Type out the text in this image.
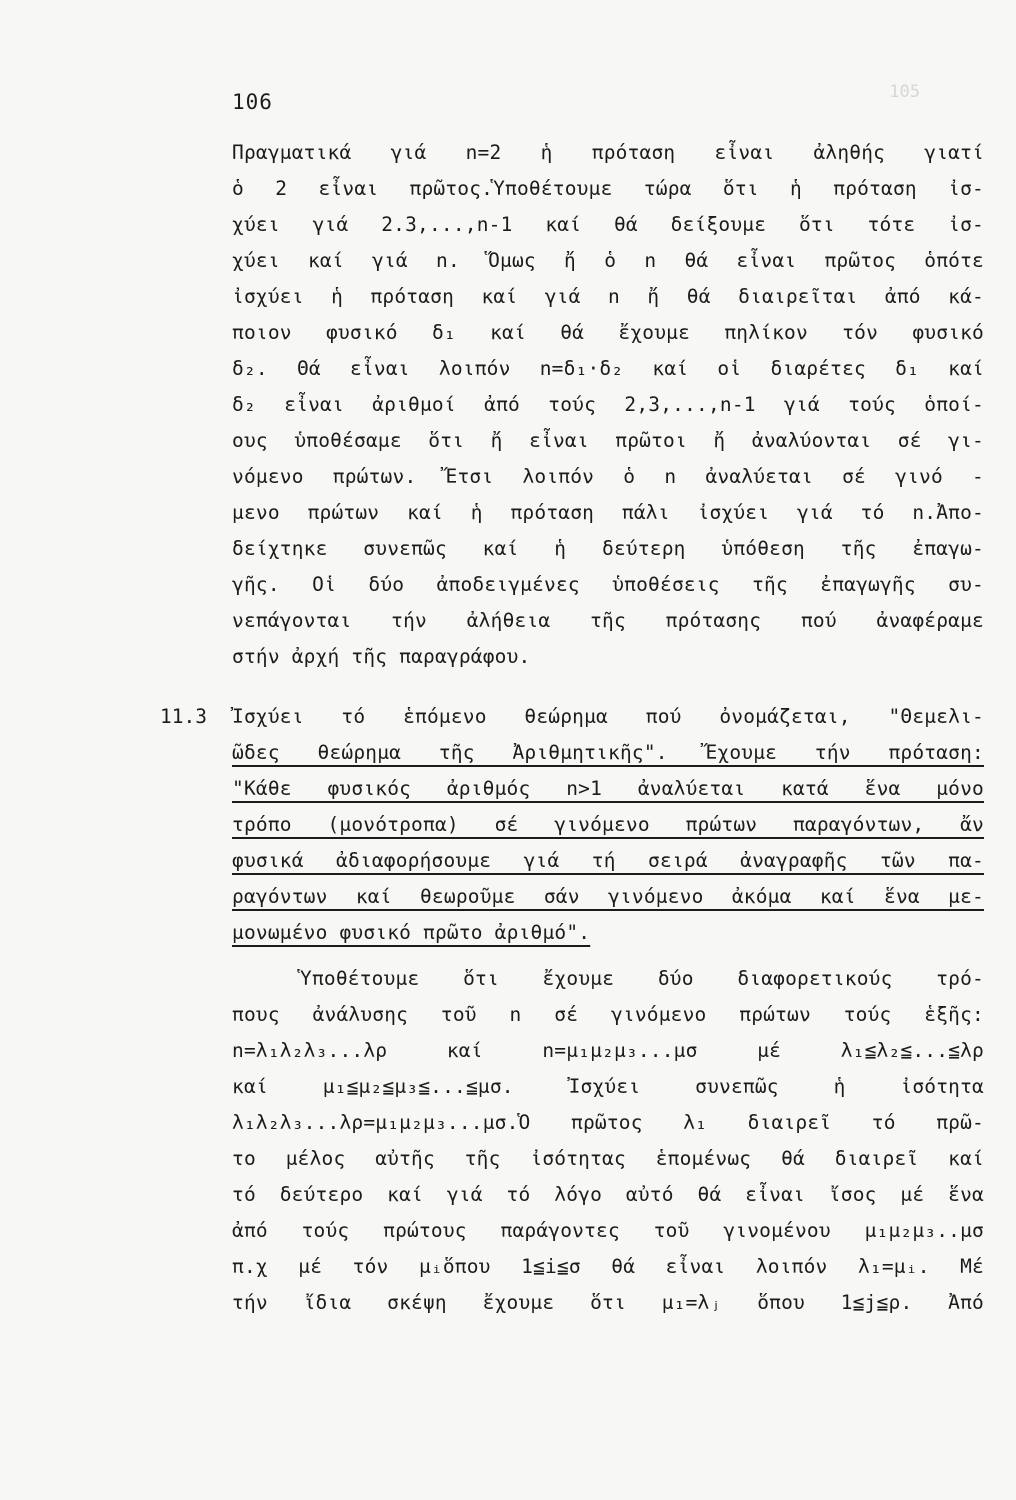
105
106
Πραγματικά γιά n=2 ἡ πρόταση εἶναι ἀληθής γιατί
ὁ 2 εἶναι πρῶτος.Ὑποθέτουμε τώρα ὅτι ἡ πρόταση ἰσ-
χύει γιά 2.3,...,n-1 καί θά δείξουμε ὅτι τότε ἰσ-
χύει καί γιά n. Ὅμως ἤ ὁ n θά εἶναι πρῶτος ὁπότε
ἰσχύει ἡ πρόταση καί γιά n ἤ θά διαιρεῖται ἀπό κά-
ποιον φυσικό δ₁ καί θά ἔχουμε πηλίκον τόν φυσικό
δ₂. Θά εἶναι λοιπόν n=δ₁·δ₂ καί οἱ διαρέτες δ₁ καί
δ₂ εἶναι ἀριθμοί ἀπό τούς 2,3,...,n-1 γιά τούς ὁποί-
ους ὑποθέσαμε ὅτι ἤ εἶναι πρῶτοι ἤ ἀναλύονται σέ γι-
νόμενο πρώτων. Ἔτσι λοιπόν ὁ n ἀναλύεται σέ γινό -
μενο πρώτων καί ἡ πρόταση πάλι ἰσχύει γιά τό n.Ἀπο-
δείχτηκε συνεπῶς καί ἡ δεύτερη ὑπόθεση τῆς ἐπαγω-
γῆς. Οἱ δύο ἀποδειγμένες ὑποθέσεις τῆς ἐπαγωγῆς συ-
νεπάγονται τήν ἀλήθεια τῆς πρότασης πού ἀναφέραμε
στήν ἀρχή τῆς παραγράφου.
11.3 Ἰσχύει τό ἑπόμενο θεώρημα πού ὀνομάζεται, "Θεμελι-
ῶδες θεώρημα τῆς Ἀριθμητικῆς". Ἔχουμε τήν πρόταση:
"Κάθε φυσικός ἀριθμός n>1 ἀναλύεται κατά ἕνα μόνο
τρόπο (μονότροπα) σέ γινόμενο πρώτων παραγόντων, ἄν
φυσικά ἀδιαφορήσουμε γιά τή σειρά ἀναγραφῆς τῶν πα-
ραγόντων καί θεωροῦμε σάν γινόμενο ἀκόμα καί ἕνα με-
μονωμένο φυσικό πρῶτο ἀριθμό".
Ὑποθέτουμε ὅτι ἔχουμε δύο διαφορετικούς τρό-
πους ἀνάλυσης τοῦ n σέ γινόμενο πρώτων τούς ἑξῆς:
n=λ₁λ₂λ₃...λρ καί n=μ₁μ₂μ₃...μσ μέ λ₁≦λ₂≦...≦λρ
καί μ₁≦μ₂≦μ₃≦...≦μσ. Ἰσχύει συνεπῶς ἡ ἰσότητα
λ₁λ₂λ₃...λρ=μ₁μ₂μ₃...μσ.Ὁ πρῶτος λ₁ διαιρεῖ τό πρῶ-
το μέλος αὐτῆς τῆς ἰσότητας ἑπομένως θά διαιρεῖ καί
τό δεύτερο καί γιά τό λόγο αὐτό θά εἶναι ἴσος μέ ἕνα
ἀπό τούς πρώτους παράγοντες τοῦ γινομένου μ₁μ₂μ₃..μσ
π.χ μέ τόν μᵢὅπου 1≦i≦σ θά εἶναι λοιπόν λ₁=μᵢ. Μέ
τήν ἴδια σκέψη ἔχουμε ὅτι μ₁=λⱼ ὅπου 1≦j≦ρ. Ἀπό
